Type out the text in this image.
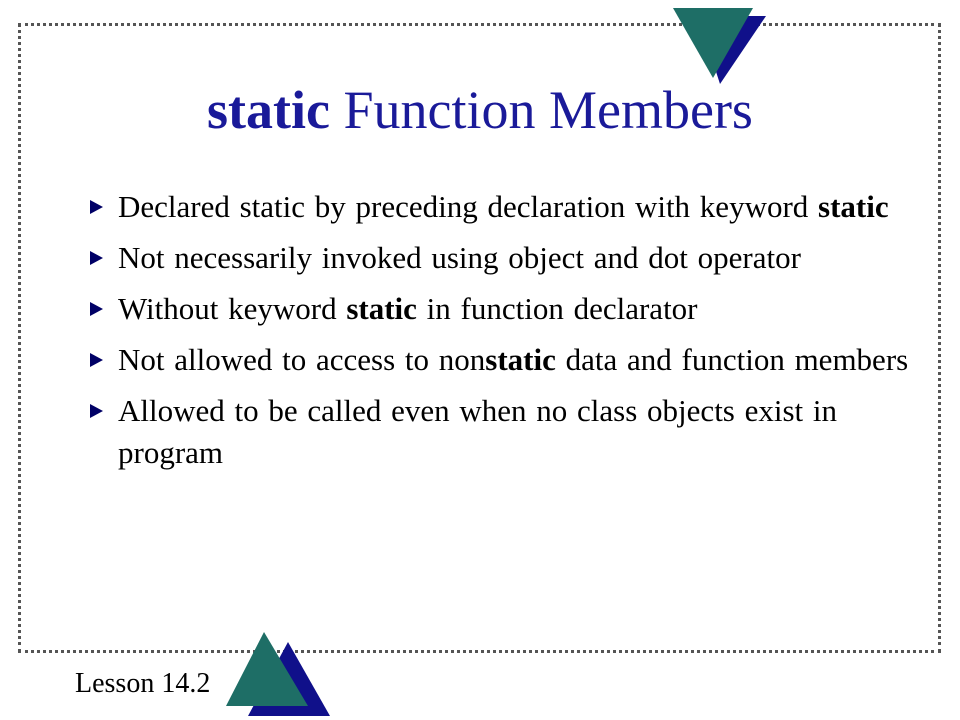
static Function Members
Declared static by preceding declaration with keyword static
Not necessarily invoked using object and dot operator
Without keyword static in function declarator
Not allowed to access to nonstatic data and function members
Allowed to be called even when no class objects exist in program
Lesson 14.2
